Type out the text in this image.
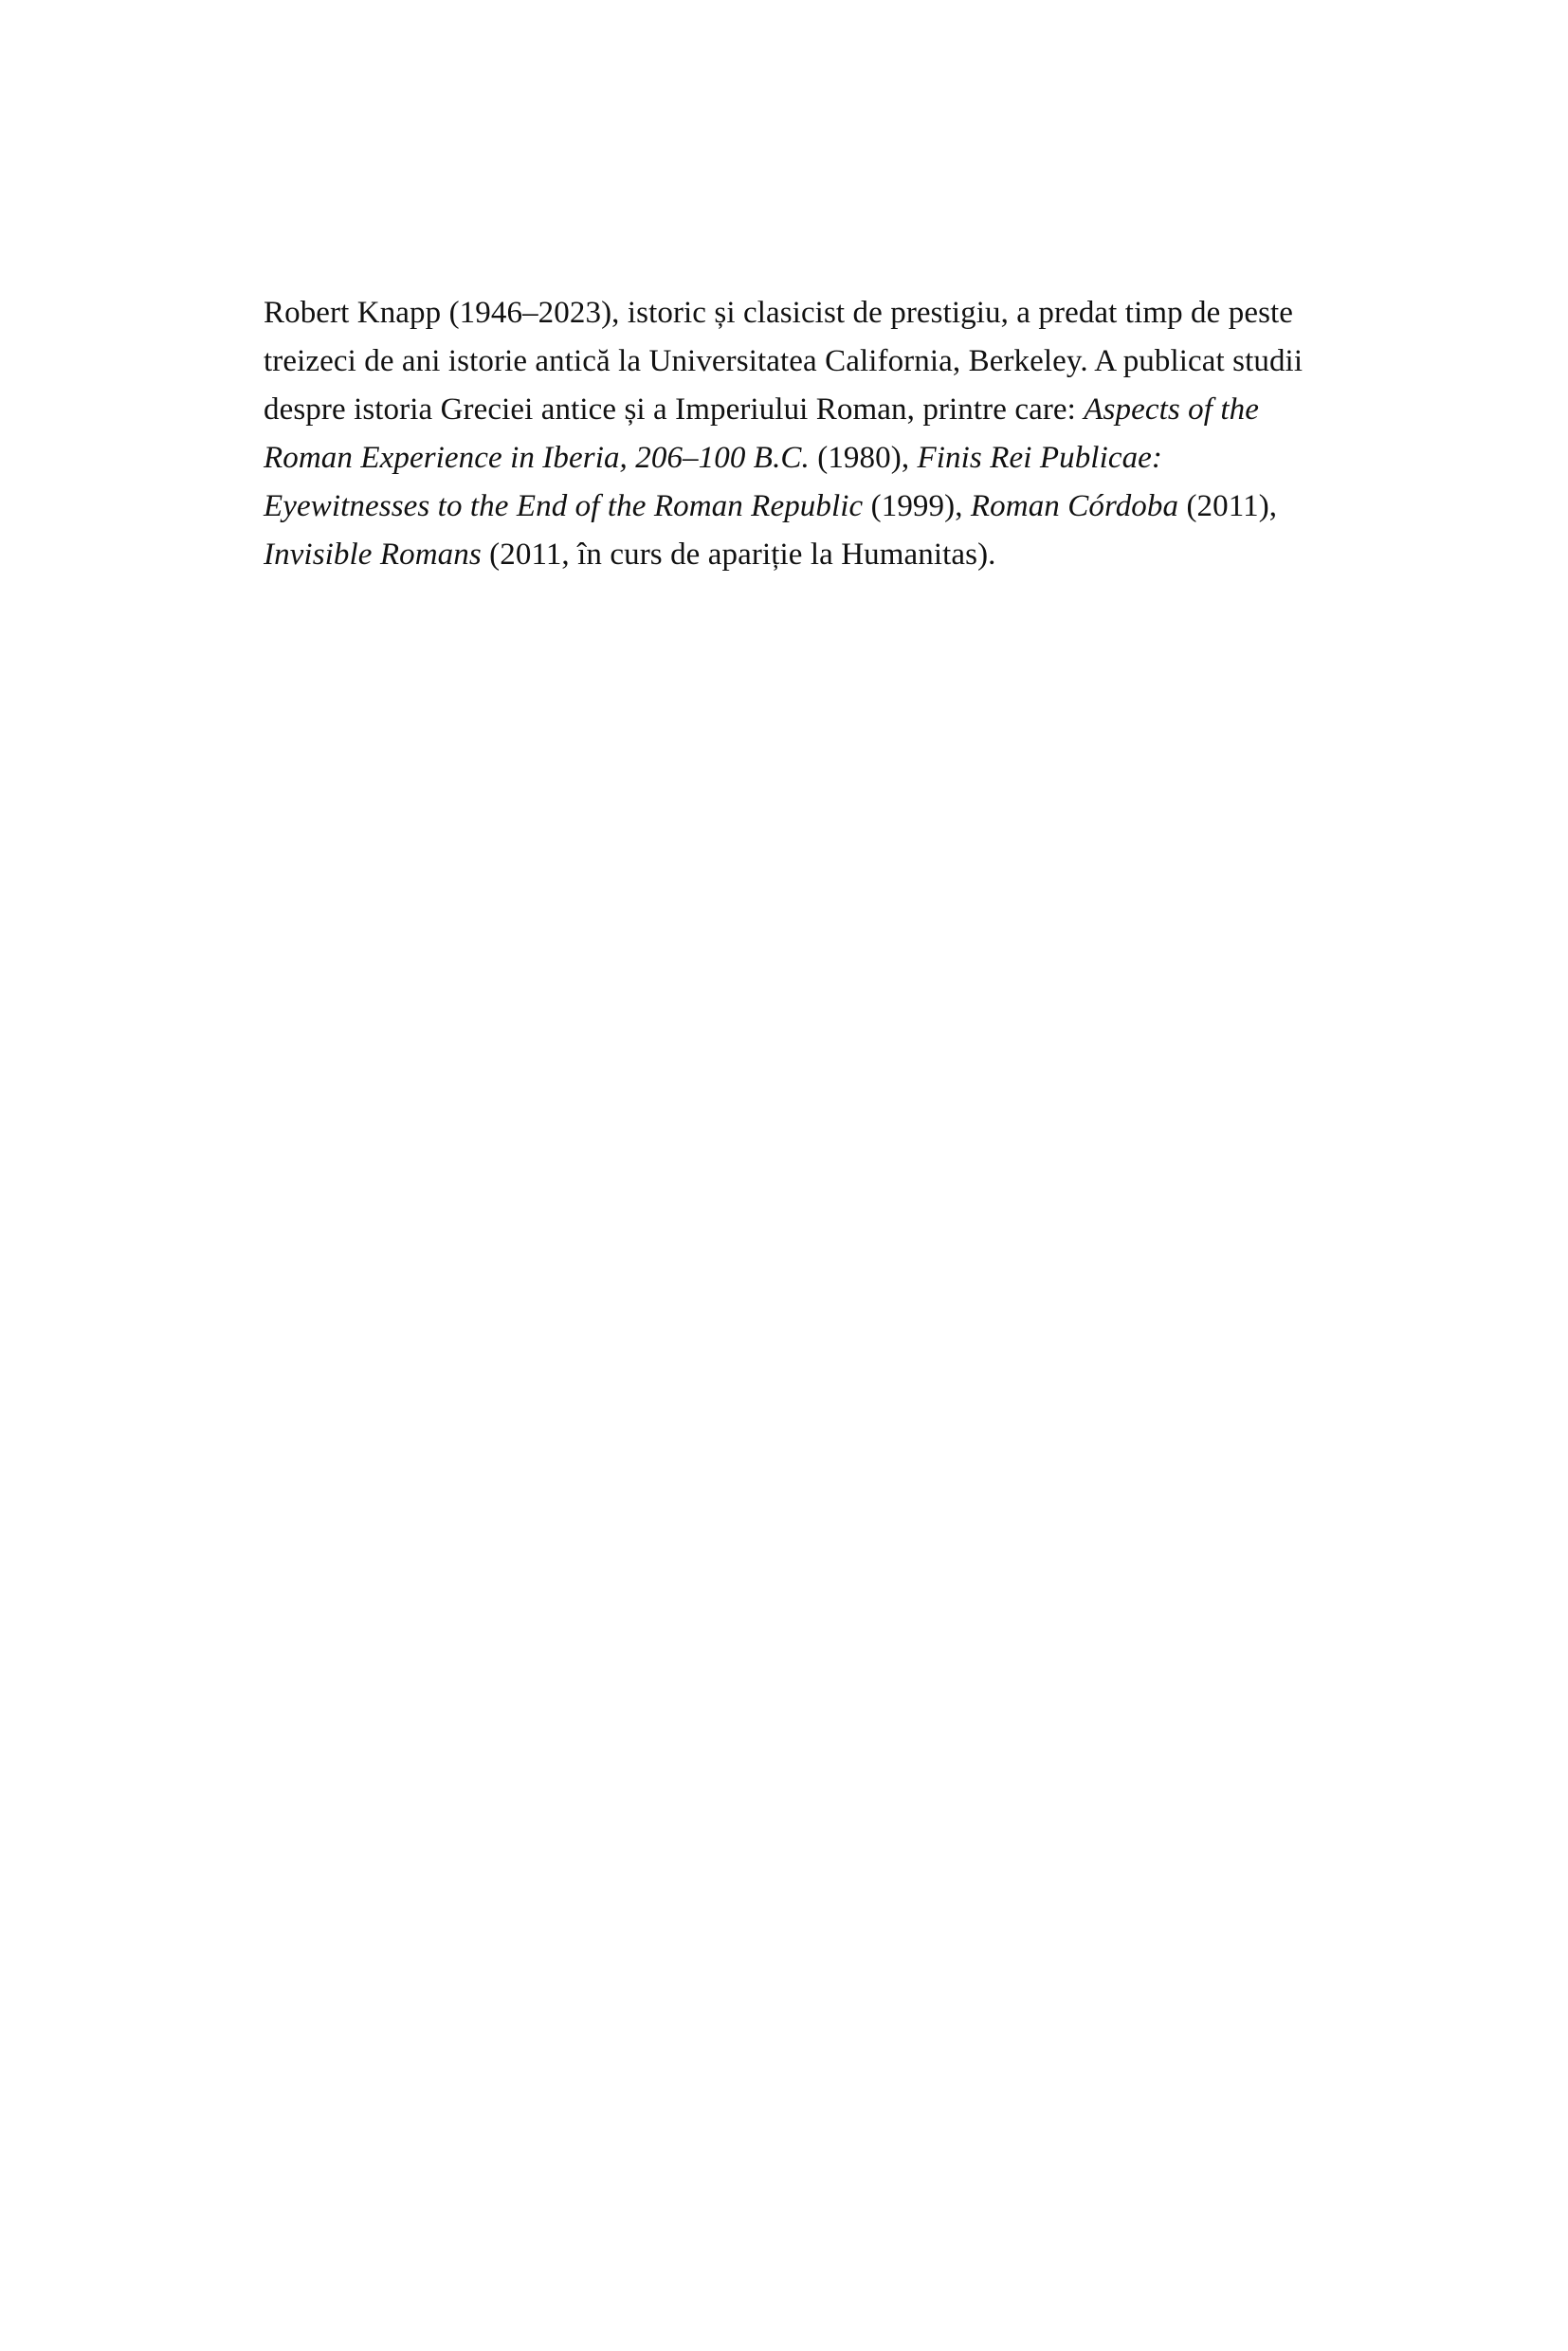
Robert Knapp (1946–2023), istoric și clasicist de prestigiu, a predat timp de peste treizeci de ani istorie antică la Universitatea California, Berkeley. A publicat studii despre istoria Greciei antice și a Imperiului Roman, printre care: Aspects of the Roman Experience in Iberia, 206–100 B.C. (1980), Finis Rei Publicae: Eyewitnesses to the End of the Roman Republic (1999), Roman Córdoba (2011), Invisible Romans (2011, în curs de apariție la Humanitas).
